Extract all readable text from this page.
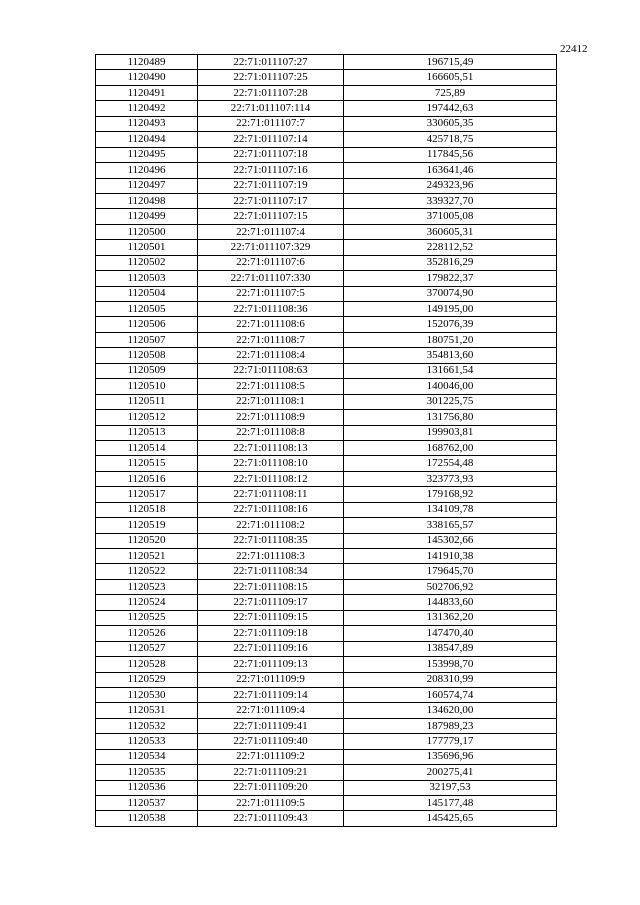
22412
1120489	22:71:011107:27	196715,49
1120490	22:71:011107:25	166605,51
1120491	22:71:011107:28	725,89
1120492	22:71:011107:114	197442,63
1120493	22:71:011107:7	330605,35
1120494	22:71:011107:14	425718,75
1120495	22:71:011107:18	117845,56
1120496	22:71:011107:16	163641,46
1120497	22:71:011107:19	249323,96
1120498	22:71:011107:17	339327,70
1120499	22:71:011107:15	371005,08
1120500	22:71:011107:4	360605,31
1120501	22:71:011107:329	228112,52
1120502	22:71:011107:6	352816,29
1120503	22:71:011107:330	179822,37
1120504	22:71:011107:5	370074,90
1120505	22:71:011108:36	149195,00
1120506	22:71:011108:6	152076,39
1120507	22:71:011108:7	180751,20
1120508	22:71:011108:4	354813,60
1120509	22:71:011108:63	131661,54
1120510	22:71:011108:5	140046,00
1120511	22:71:011108:1	301225,75
1120512	22:71:011108:9	131756,80
1120513	22:71:011108:8	199903,81
1120514	22:71:011108:13	168762,00
1120515	22:71:011108:10	172554,48
1120516	22:71:011108:12	323773,93
1120517	22:71:011108:11	179168,92
1120518	22:71:011108:16	134109,78
1120519	22:71:011108:2	338165,57
1120520	22:71:011108:35	145302,66
1120521	22:71:011108:3	141910,38
1120522	22:71:011108:34	179645,70
1120523	22:71:011108:15	502706,92
1120524	22:71:011109:17	144833,60
1120525	22:71:011109:15	131362,20
1120526	22:71:011109:18	147470,40
1120527	22:71:011109:16	138547,89
1120528	22:71:011109:13	153998,70
1120529	22:71:011109:9	208310,99
1120530	22:71:011109:14	160574,74
1120531	22:71:011109:4	134620,00
1120532	22:71:011109:41	187989,23
1120533	22:71:011109:40	177779,17
1120534	22:71:011109:2	135696,96
1120535	22:71:011109:21	200275,41
1120536	22:71:011109:20	32197,53
1120537	22:71:011109:5	145177,48
1120538	22:71:011109:43	145425,65
